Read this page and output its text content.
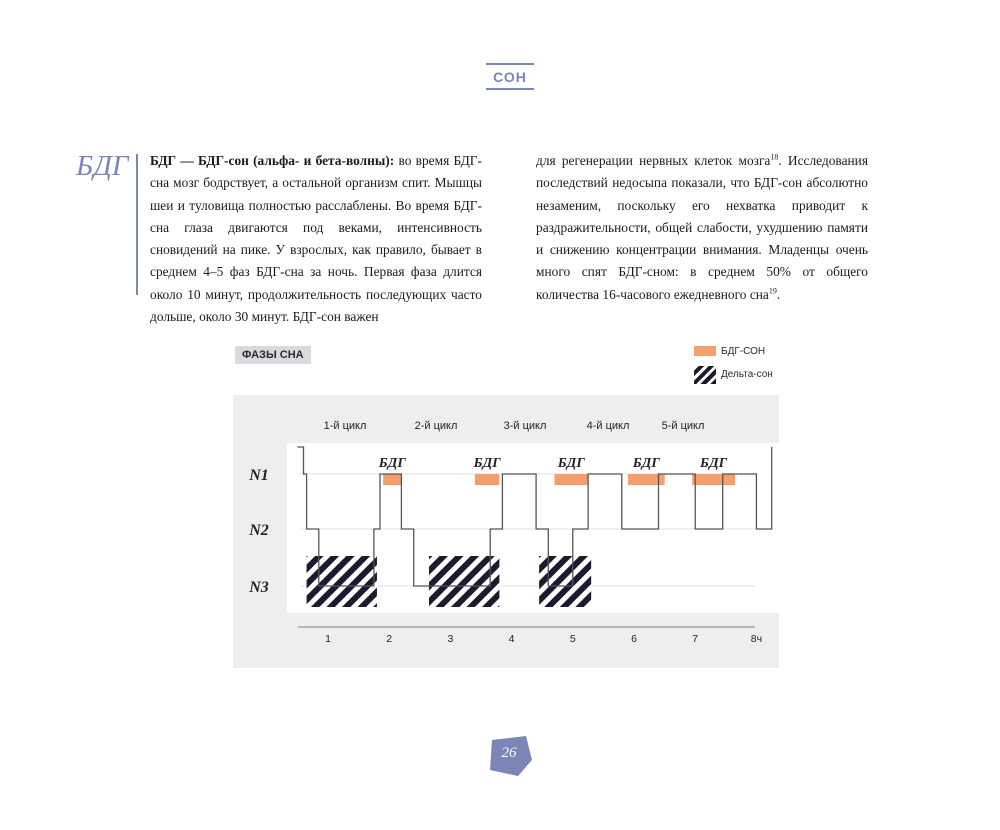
СОН
БДГ БДГ — БДГ-сон (альфа- и бета-волны): во время БДГ-сна мозг бодрствует, а остальной организм спит. Мышцы шеи и туловища полностью расслаблены. Во время БДГ-сна глаза двигаются под веками, интенсивность сновидений на пике. У взрослых, как правило, бывает в среднем 4–5 фаз БДГ-сна за ночь. Первая фаза длится около 10 минут, продолжительность последующих часто дольше, около 30 минут. БДГ-сон важен
для регенерации нервных клеток мозга$^{18}$. Исследования последствий недосыпа показали, что БДГ-сон абсолютно незаменим, поскольку его нехватка приводит к раздражительности, общей слабости, ухудшению памяти и снижению концентрации внимания. Младенцы очень много спят БДГ-сном: в среднем 50% от общего количества 16-часового ежедневного сна$^{19}$.
ФАЗЫ СНА	БДГ-СОН
Дельта-сон
N1
N2
N3
1-й цикл	2-й цикл	3-й цикл	4-й цикл	5-й цикл
БДГ	БДГ	БДГ	БДГ	БДГ
1	2	3	4	5	6	7	8ч
26
